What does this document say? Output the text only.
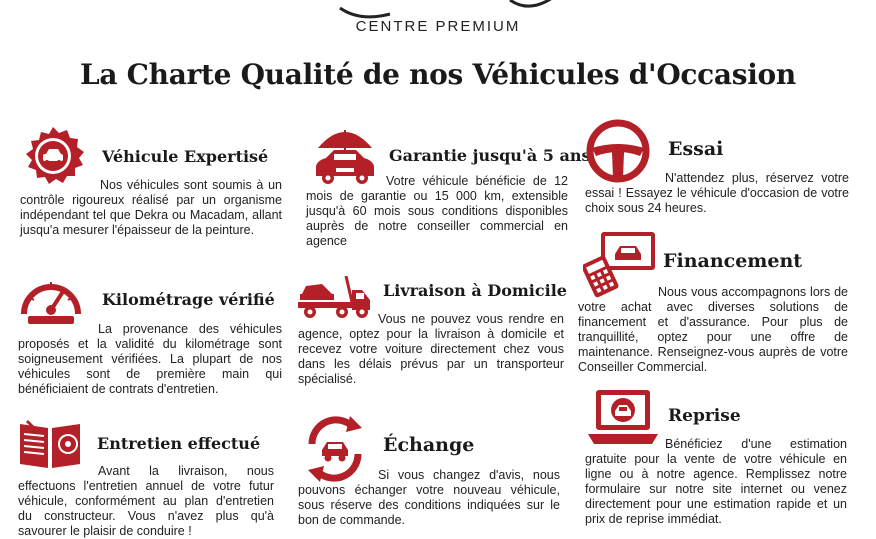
CENTRE PREMIUM
La Charte Qualité de nos Véhicules d'Occasion
Véhicule Expertisé

Nos véhicules sont soumis à un contrôle rigoureux réalisé par un organisme indépendant tel que Dekra ou Macadam, allant jusqu'a mesurer l'épaisseur de la peinture.

Kilométrage vérifié

La provenance des véhicules proposés et la validité du kilométrage sont soigneusement vérifiées. La plupart de nos véhicules sont de première main qui bénéficiaient de contrats d'entretien.

Entretien effectué

Avant la livraison, nous effectuons l'entretien annuel de votre futur véhicule, conformément au plan d'entretien du constructeur. Vous n'avez plus qu'à savourer le plaisir de conduire !

Garantie jusqu'à 5 ans

Votre véhicule bénéficie de 12 mois de garantie ou 15 000 km, extensible jusqu'à 60 mois sous conditions disponibles auprès de notre conseiller commercial en agence

Livraison à Domicile

Vous ne pouvez vous rendre en agence, optez pour la livraison à domicile et recevez votre voiture directement chez vous dans les délais prévus par un transporteur spécialisé.

Échange

Si vous changez d'avis, nous pouvons échanger votre nouveau véhicule, sous réserve des conditions indiquées sur le bon de commande.

Essai

N'attendez plus, réservez votre essai ! Essayez le véhicule d'occasion de votre choix sous 24 heures.

Financement

Nous vous accompagnons lors de votre achat avec diverses solutions de financement et d'assurance. Pour plus de tranquillité, optez pour une offre de maintenance. Renseignez-vous auprès de votre Conseiller Commercial.

Reprise

Bénéficiez d'une estimation gratuite pour la vente de votre véhicule en ligne ou à notre agence. Remplissez notre formulaire sur notre site internet ou venez directement pour une estimation rapide et un prix de reprise immédiat.
